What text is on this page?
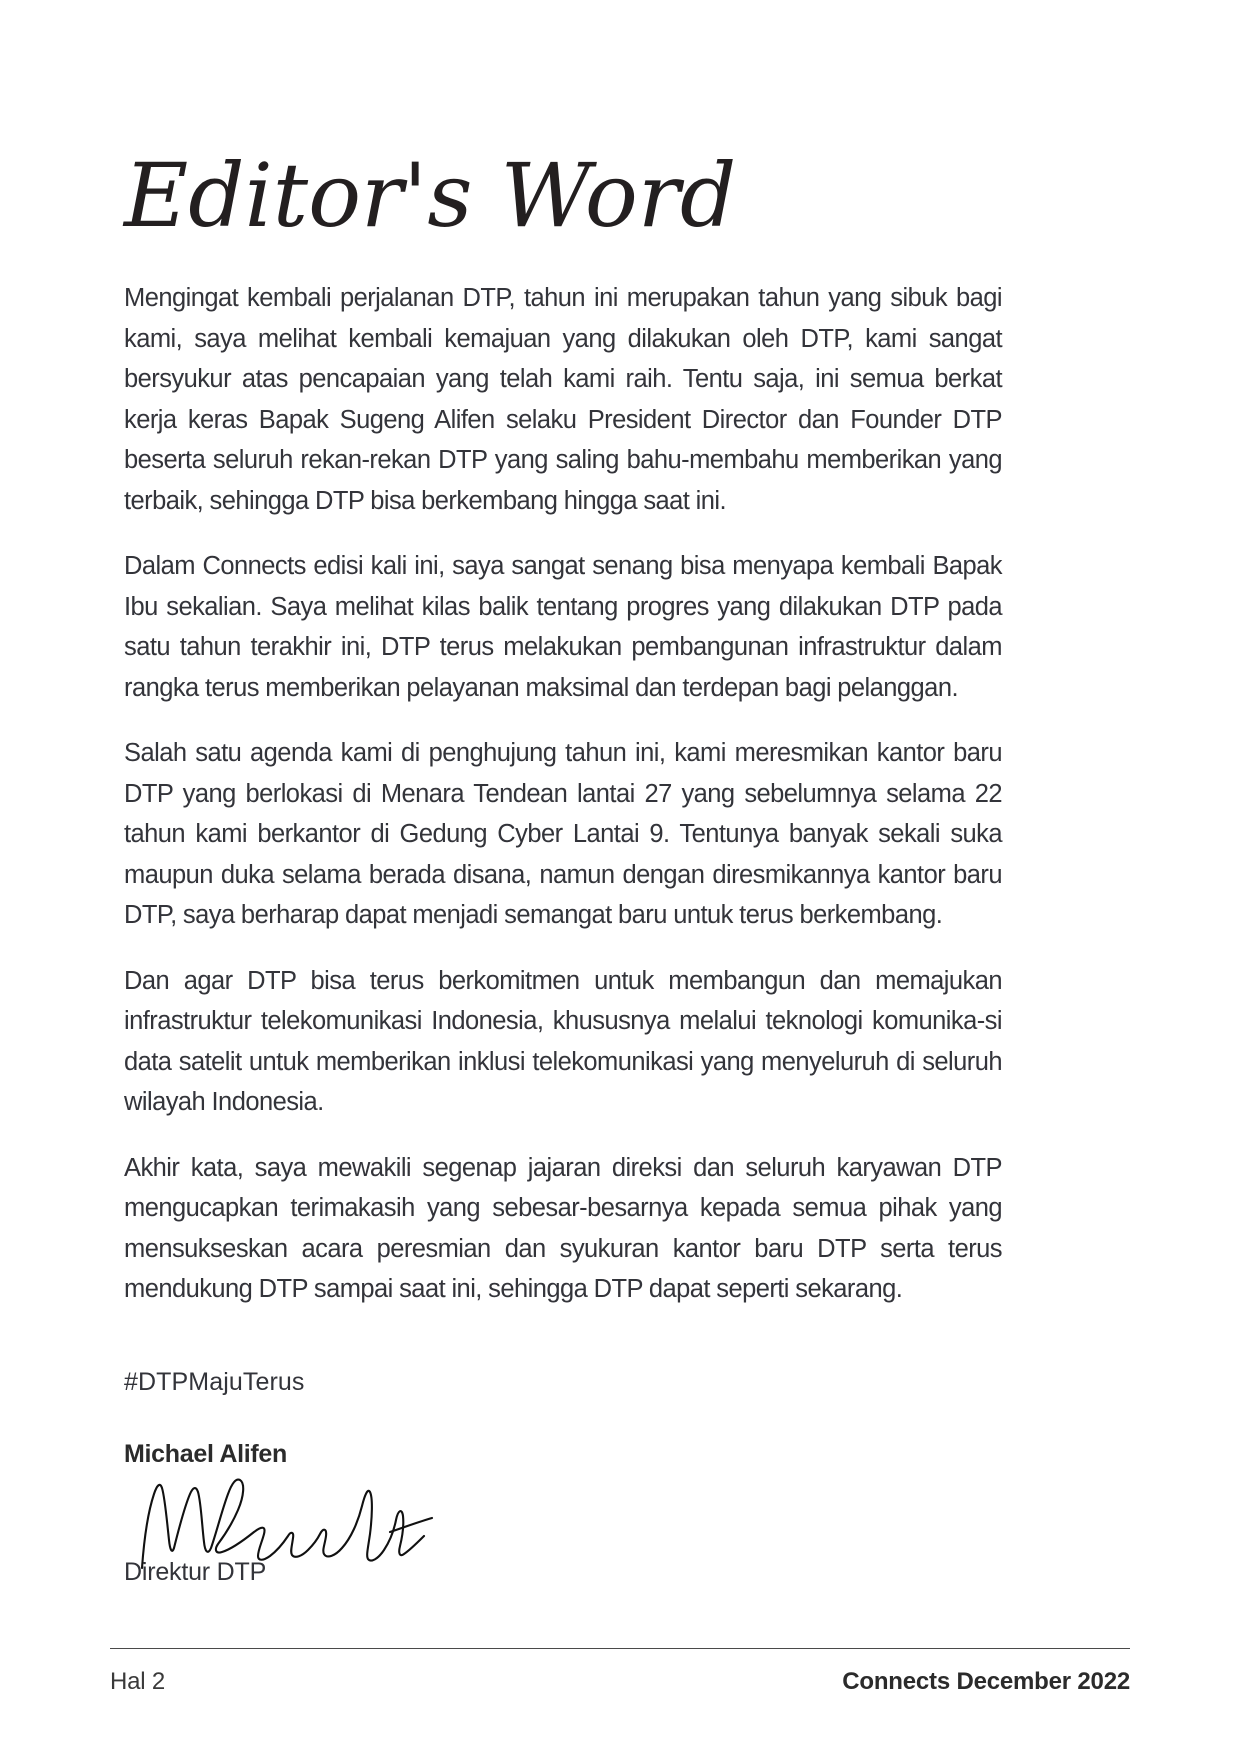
Editor's Word

Mengingat kembali perjalanan DTP, tahun ini merupakan tahun yang sibuk bagi kami, saya melihat kembali kemajuan yang dilakukan oleh DTP, kami sangat bersyukur atas pencapaian yang telah kami raih. Tentu saja, ini semua berkat kerja keras Bapak Sugeng Alifen selaku President Director dan Founder DTP beserta seluruh rekan-rekan DTP yang saling bahu-membahu memberikan yang terbaik, sehingga DTP bisa berkembang hingga saat ini.

Dalam Connects edisi kali ini, saya sangat senang bisa menyapa kembali Bapak Ibu sekalian. Saya melihat kilas balik tentang progres yang dilakukan DTP pada satu tahun terakhir ini, DTP terus melakukan pembangunan infrastruktur dalam rangka terus memberikan pelayanan maksimal dan terdepan bagi pelanggan.

Salah satu agenda kami di penghujung tahun ini, kami meresmikan kantor baru DTP yang berlokasi di Menara Tendean lantai 27 yang sebelumnya selama 22 tahun kami berkantor di Gedung Cyber Lantai 9. Tentunya banyak sekali suka maupun duka selama berada disana, namun dengan diresmikannya kantor baru DTP, saya berharap dapat menjadi semangat baru untuk terus berkembang.

Dan agar DTP bisa terus berkomitmen untuk membangun dan memajukan infrastruktur telekomunikasi Indonesia, khususnya melalui teknologi komunika-si data satelit untuk memberikan inklusi telekomunikasi yang menyeluruh di seluruh wilayah Indonesia.

Akhir kata, saya mewakili segenap jajaran direksi dan seluruh karyawan DTP mengucapkan terimakasih yang sebesar-besarnya kepada semua pihak yang mensukseskan acara peresmian dan syukuran kantor baru DTP serta terus mendukung DTP sampai saat ini, sehingga DTP dapat seperti sekarang.

#DTPMajuTerus

Michael Alifen

Direktur DTP

Hal 2	Connects December 2022
